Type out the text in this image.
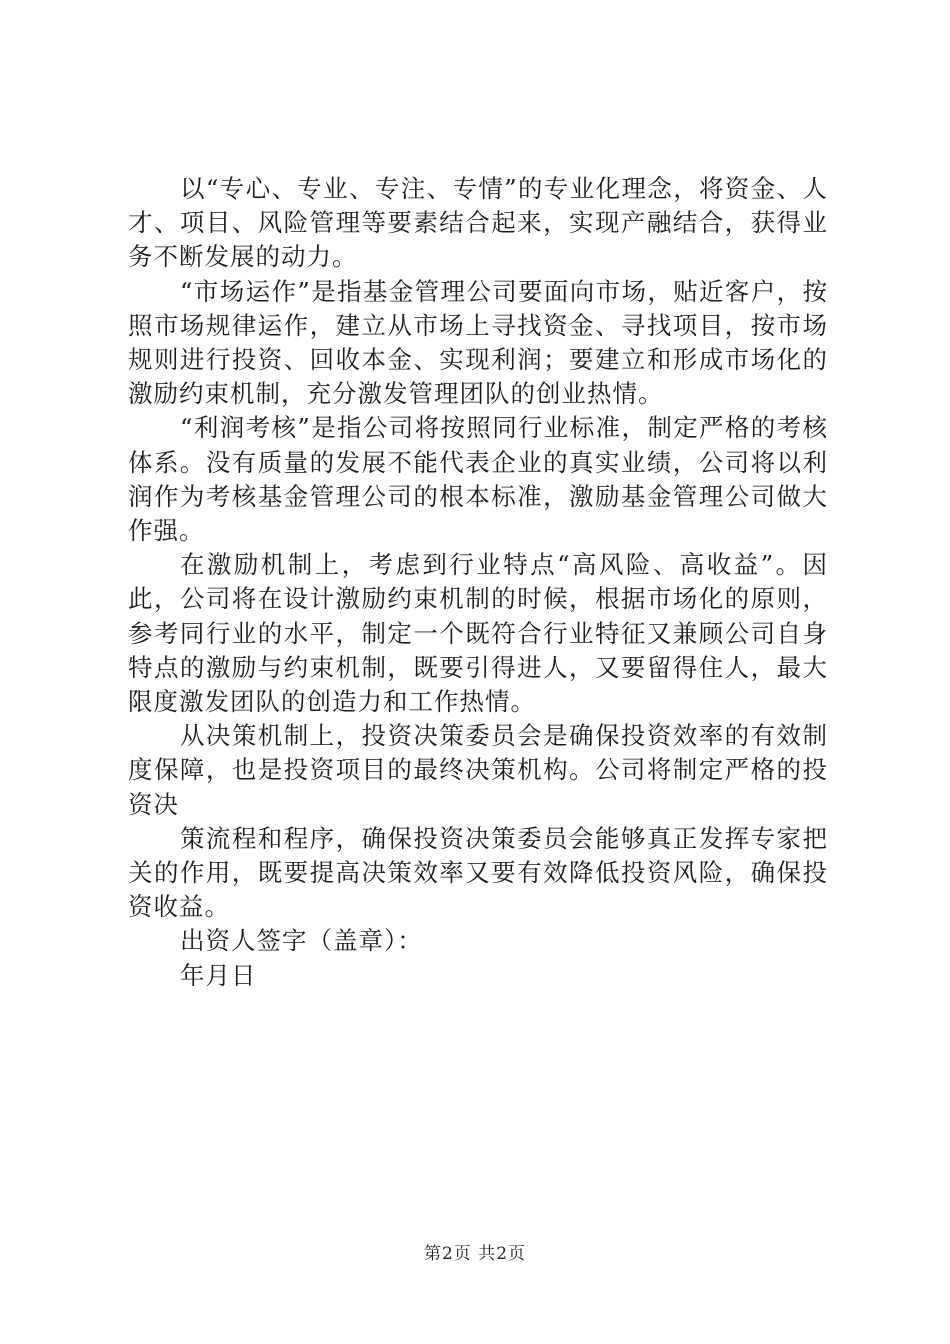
以“专心、专业、专注、专情”的专业化理念，将资金、人才、项目、风险管理等要素结合起来，实现产融结合，获得业务不断发展的动力。

“市场运作”是指基金管理公司要面向市场，贴近客户，按照市场规律运作，建立从市场上寻找资金、寻找项目，按市场规则进行投资、回收本金、实现利润；要建立和形成市场化的激励约束机制，充分激发管理团队的创业热情。

“利润考核”是指公司将按照同行业标准，制定严格的考核体系。没有质量的发展不能代表企业的真实业绩，公司将以利润作为考核基金管理公司的根本标准，激励基金管理公司做大作强。

在激励机制上，考虑到行业特点“高风险、高收益”。因此，公司将在设计激励约束机制的时候，根据市场化的原则，参考同行业的水平，制定一个既符合行业特征又兼顾公司自身特点的激励与约束机制，既要引得进人，又要留得住人，最大限度激发团队的创造力和工作热情。

从决策机制上，投资决策委员会是确保投资效率的有效制度保障，也是投资项目的最终决策机构。公司将制定严格的投资决

策流程和程序，确保投资决策委员会能够真正发挥专家把关的作用，既要提高决策效率又要有效降低投资风险，确保投资收益。

出资人签字（盖章）：

年月日

第2页 共2页
